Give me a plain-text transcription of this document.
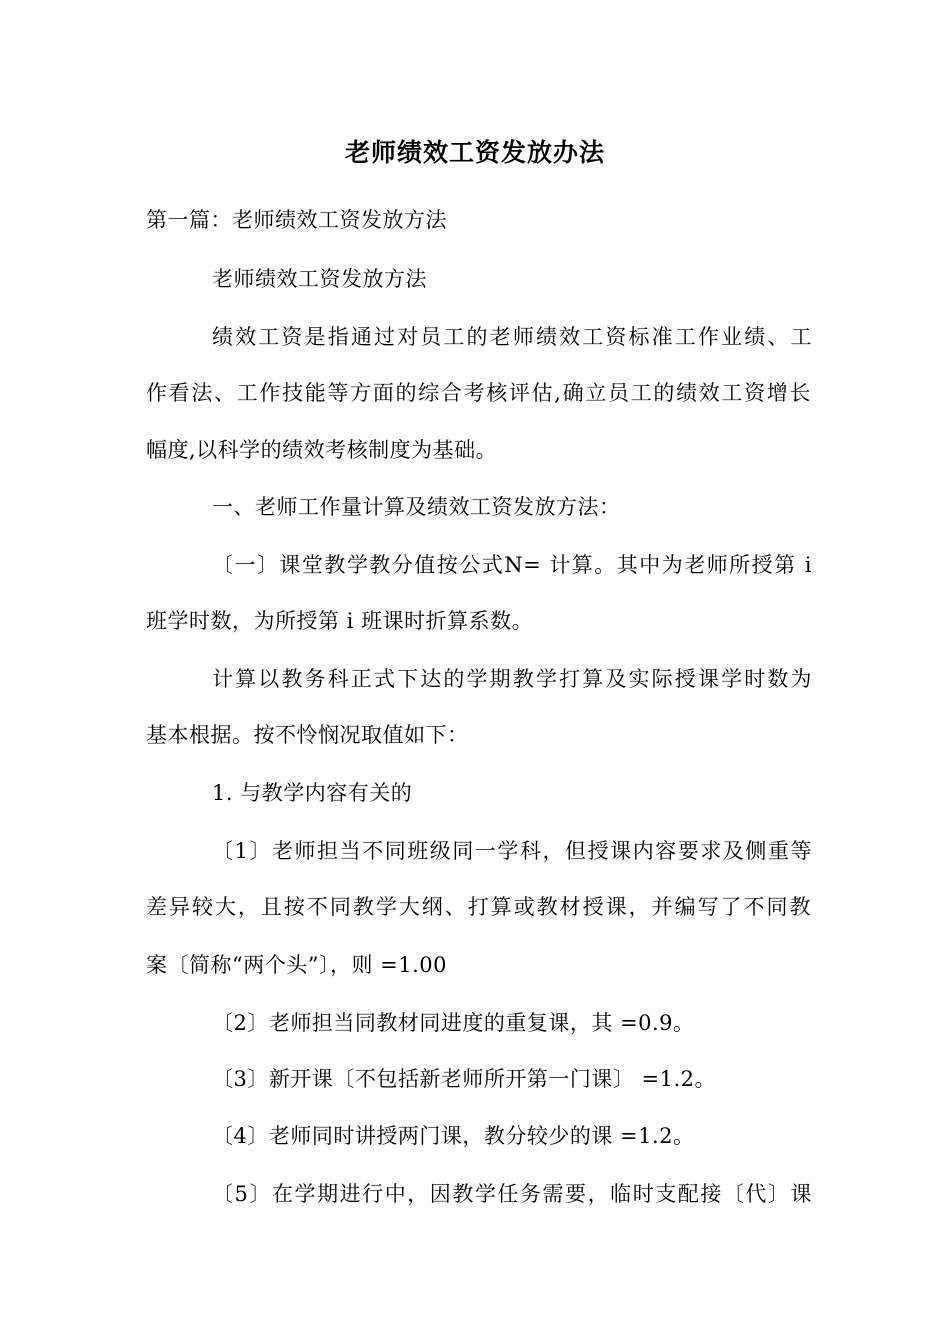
老师绩效工资发放办法
第一篇：老师绩效工资发放方法
老师绩效工资发放方法
绩效工资是指通过对员工的老师绩效工资标准工作业绩、工
作看法、工作技能等方面的综合考核评估,确立员工的绩效工资增长
幅度,以科学的绩效考核制度为基础。
一、老师工作量计算及绩效工资发放方法：
〔一〕课堂教学教分值按公式N= 计算。其中为老师所授第 i
班学时数，为所授第 i 班课时折算系数。
计算以教务科正式下达的学期教学打算及实际授课学时数为
基本根据。按不怜悯况取值如下：
1. 与教学内容有关的
〔1〕老师担当不同班级同一学科，但授课内容要求及侧重等
差异较大，且按不同教学大纲、打算或教材授课，并编写了不同教
案〔简称“两个头”〕，则 =1.00
〔2〕老师担当同教材同进度的重复课，其 =0.9。
〔3〕新开课〔不包括新老师所开第一门课〕 =1.2。
〔4〕老师同时讲授两门课，教分较少的课 =1.2。
〔5〕在学期进行中，因教学任务需要，临时支配接〔代〕课
